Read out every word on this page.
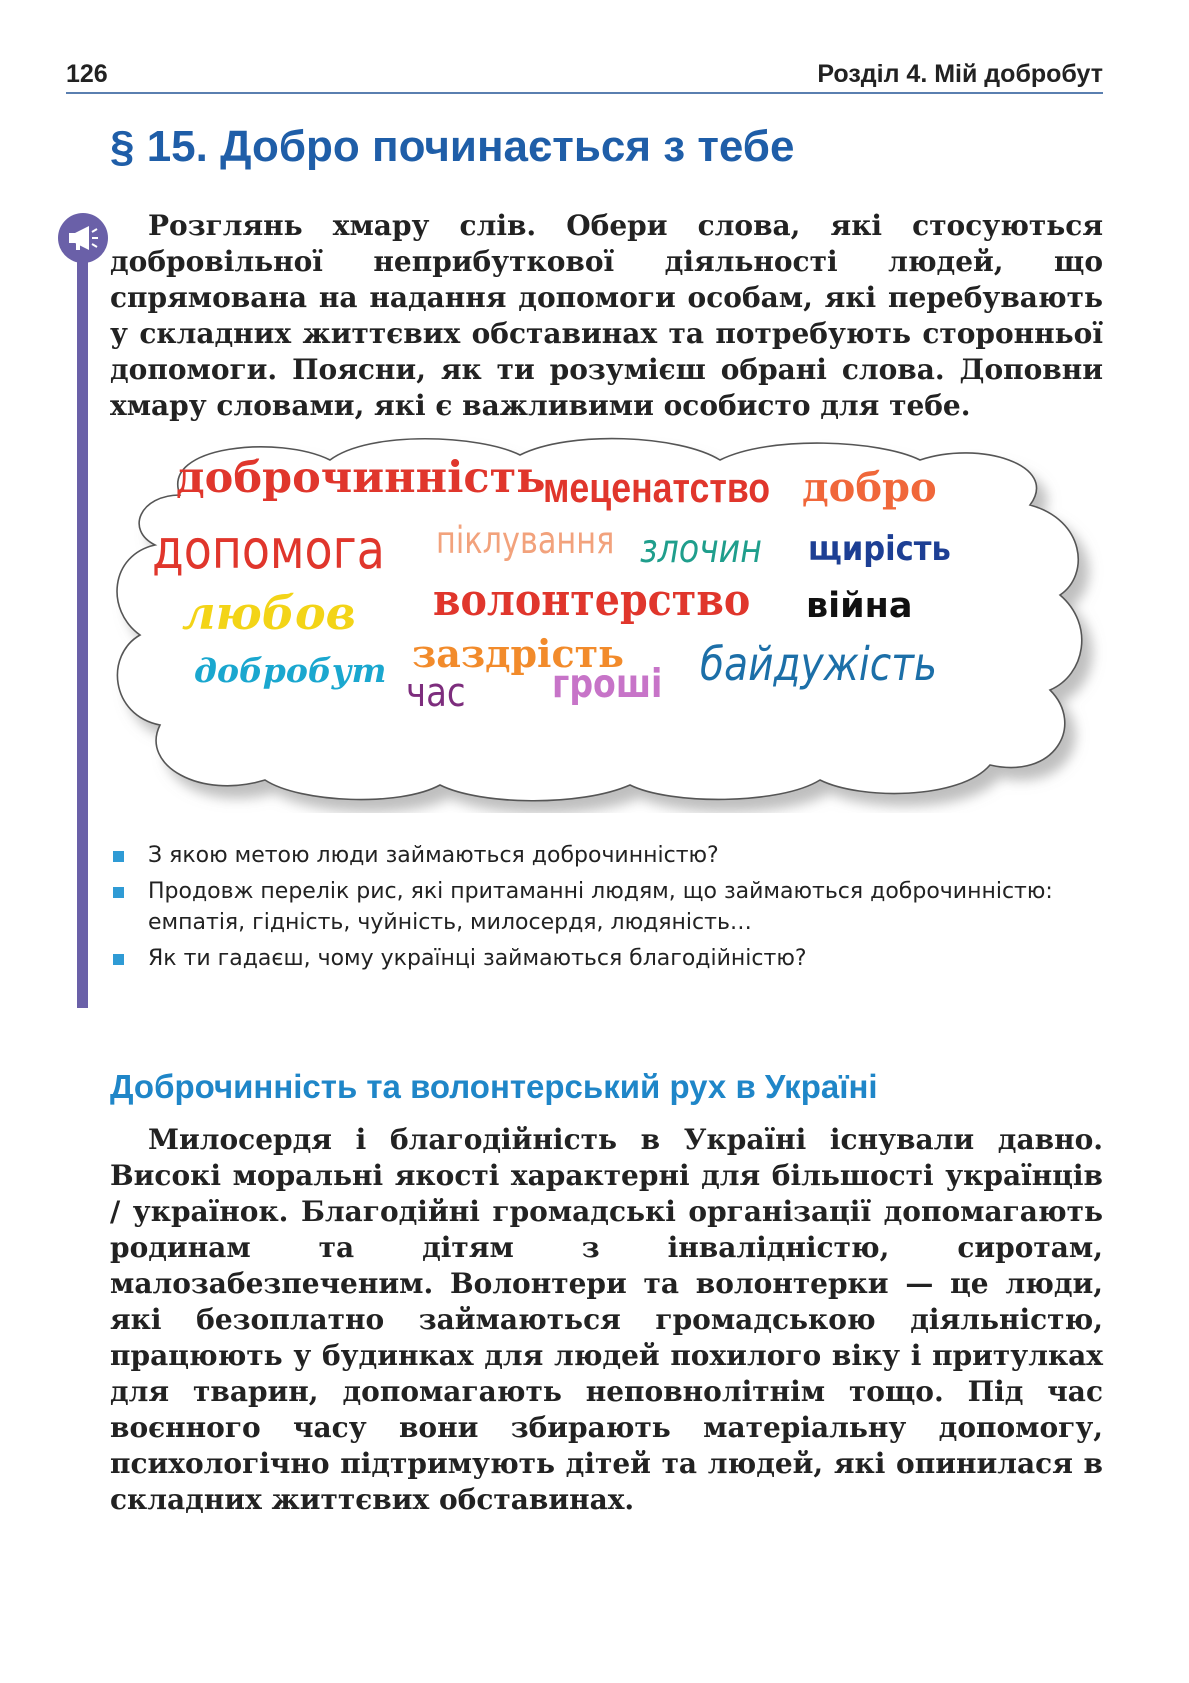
126	Розділ 4. Мій добробут
§ 15. Добро починається з тебе

Розглянь хмару слів. Обери слова, які стосуються добровільної неприбуткової діяльності людей, що спрямована на надання допомоги особам, які перебувають у складних життєвих обставинах та потребують сторонньої допомоги. Поясни, як ти розумієш обрані слова. Доповни хмару словами, які є важливими особисто для тебе.

доброчинність
меценатство добро
допомога піклування злочин щирість
любов волонтерство війна
добробут заздрість байдужість
час гроші
З якою метою люди займаються доброчинністю?
Продовж перелік рис, які притаманні людям, що займаються доброчинністю: емпатія, гідність, чуйність, милосердя, людяність…
Як ти гадаєш, чому українці займаються благодійністю?
Доброчинність та волонтерський рух в Україні

Милосердя і благодійність в Україні існували давно. Високі моральні якості характерні для більшості українців / українок. Благодійні громадські організації допомагають родинам та дітям з інвалідністю, сиротам, малозабезпеченим. Волонтери та волонтерки — це люди, які безоплатно займаються громадською діяльністю, працюють у будинках для людей похилого віку і притулках для тварин, допомагають неповнолітнім тощо. Під час воєнного часу вони збирають матеріальну допомогу, психологічно підтримують дітей та людей, які опинилася в складних життєвих обставинах.
